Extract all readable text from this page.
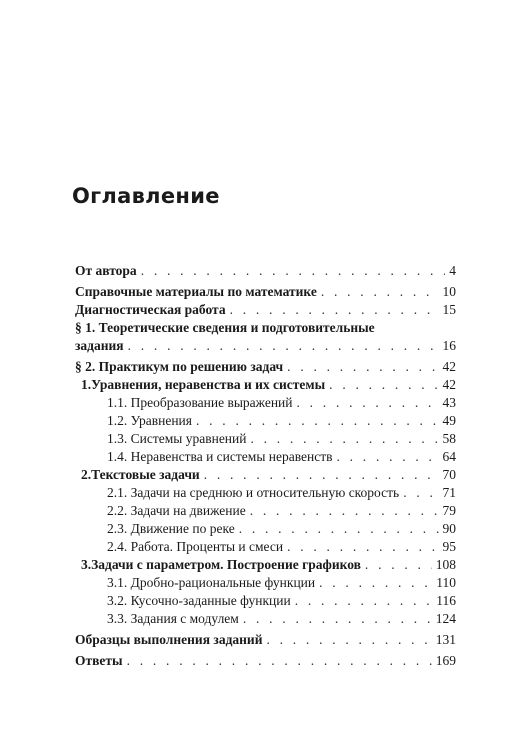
Оглавление
От автора . . .	4
Справочные материалы по математике . . .	10
Диагностическая работа . . .	15
§ 1. Теоретические сведения и подготовительные
задания . . .	16
§ 2. Практикум по решению задач . . .	42
1. Уравнения, неравенства и их системы . . .	42
1.1. Преобразование выражений . . .	43
1.2. Уравнения . . .	49
1.3. Системы уравнений . . .	58
1.4. Неравенства и системы неравенств . . .	64
2. Текстовые задачи . . .	70
2.1. Задачи на среднюю и относительную скорость . . .	71
2.2. Задачи на движение . . .	79
2.3. Движение по реке . . .	90
2.4. Работа. Проценты и смеси . . .	95
3. Задачи с параметром. Построение графиков . . .	108
3.1. Дробно-рациональные функции . . .	110
3.2. Кусочно-заданные функции . . .	116
3.3. Задания с модулем . . .	124
Образцы выполнения заданий . . .	131
Ответы . . .	169
